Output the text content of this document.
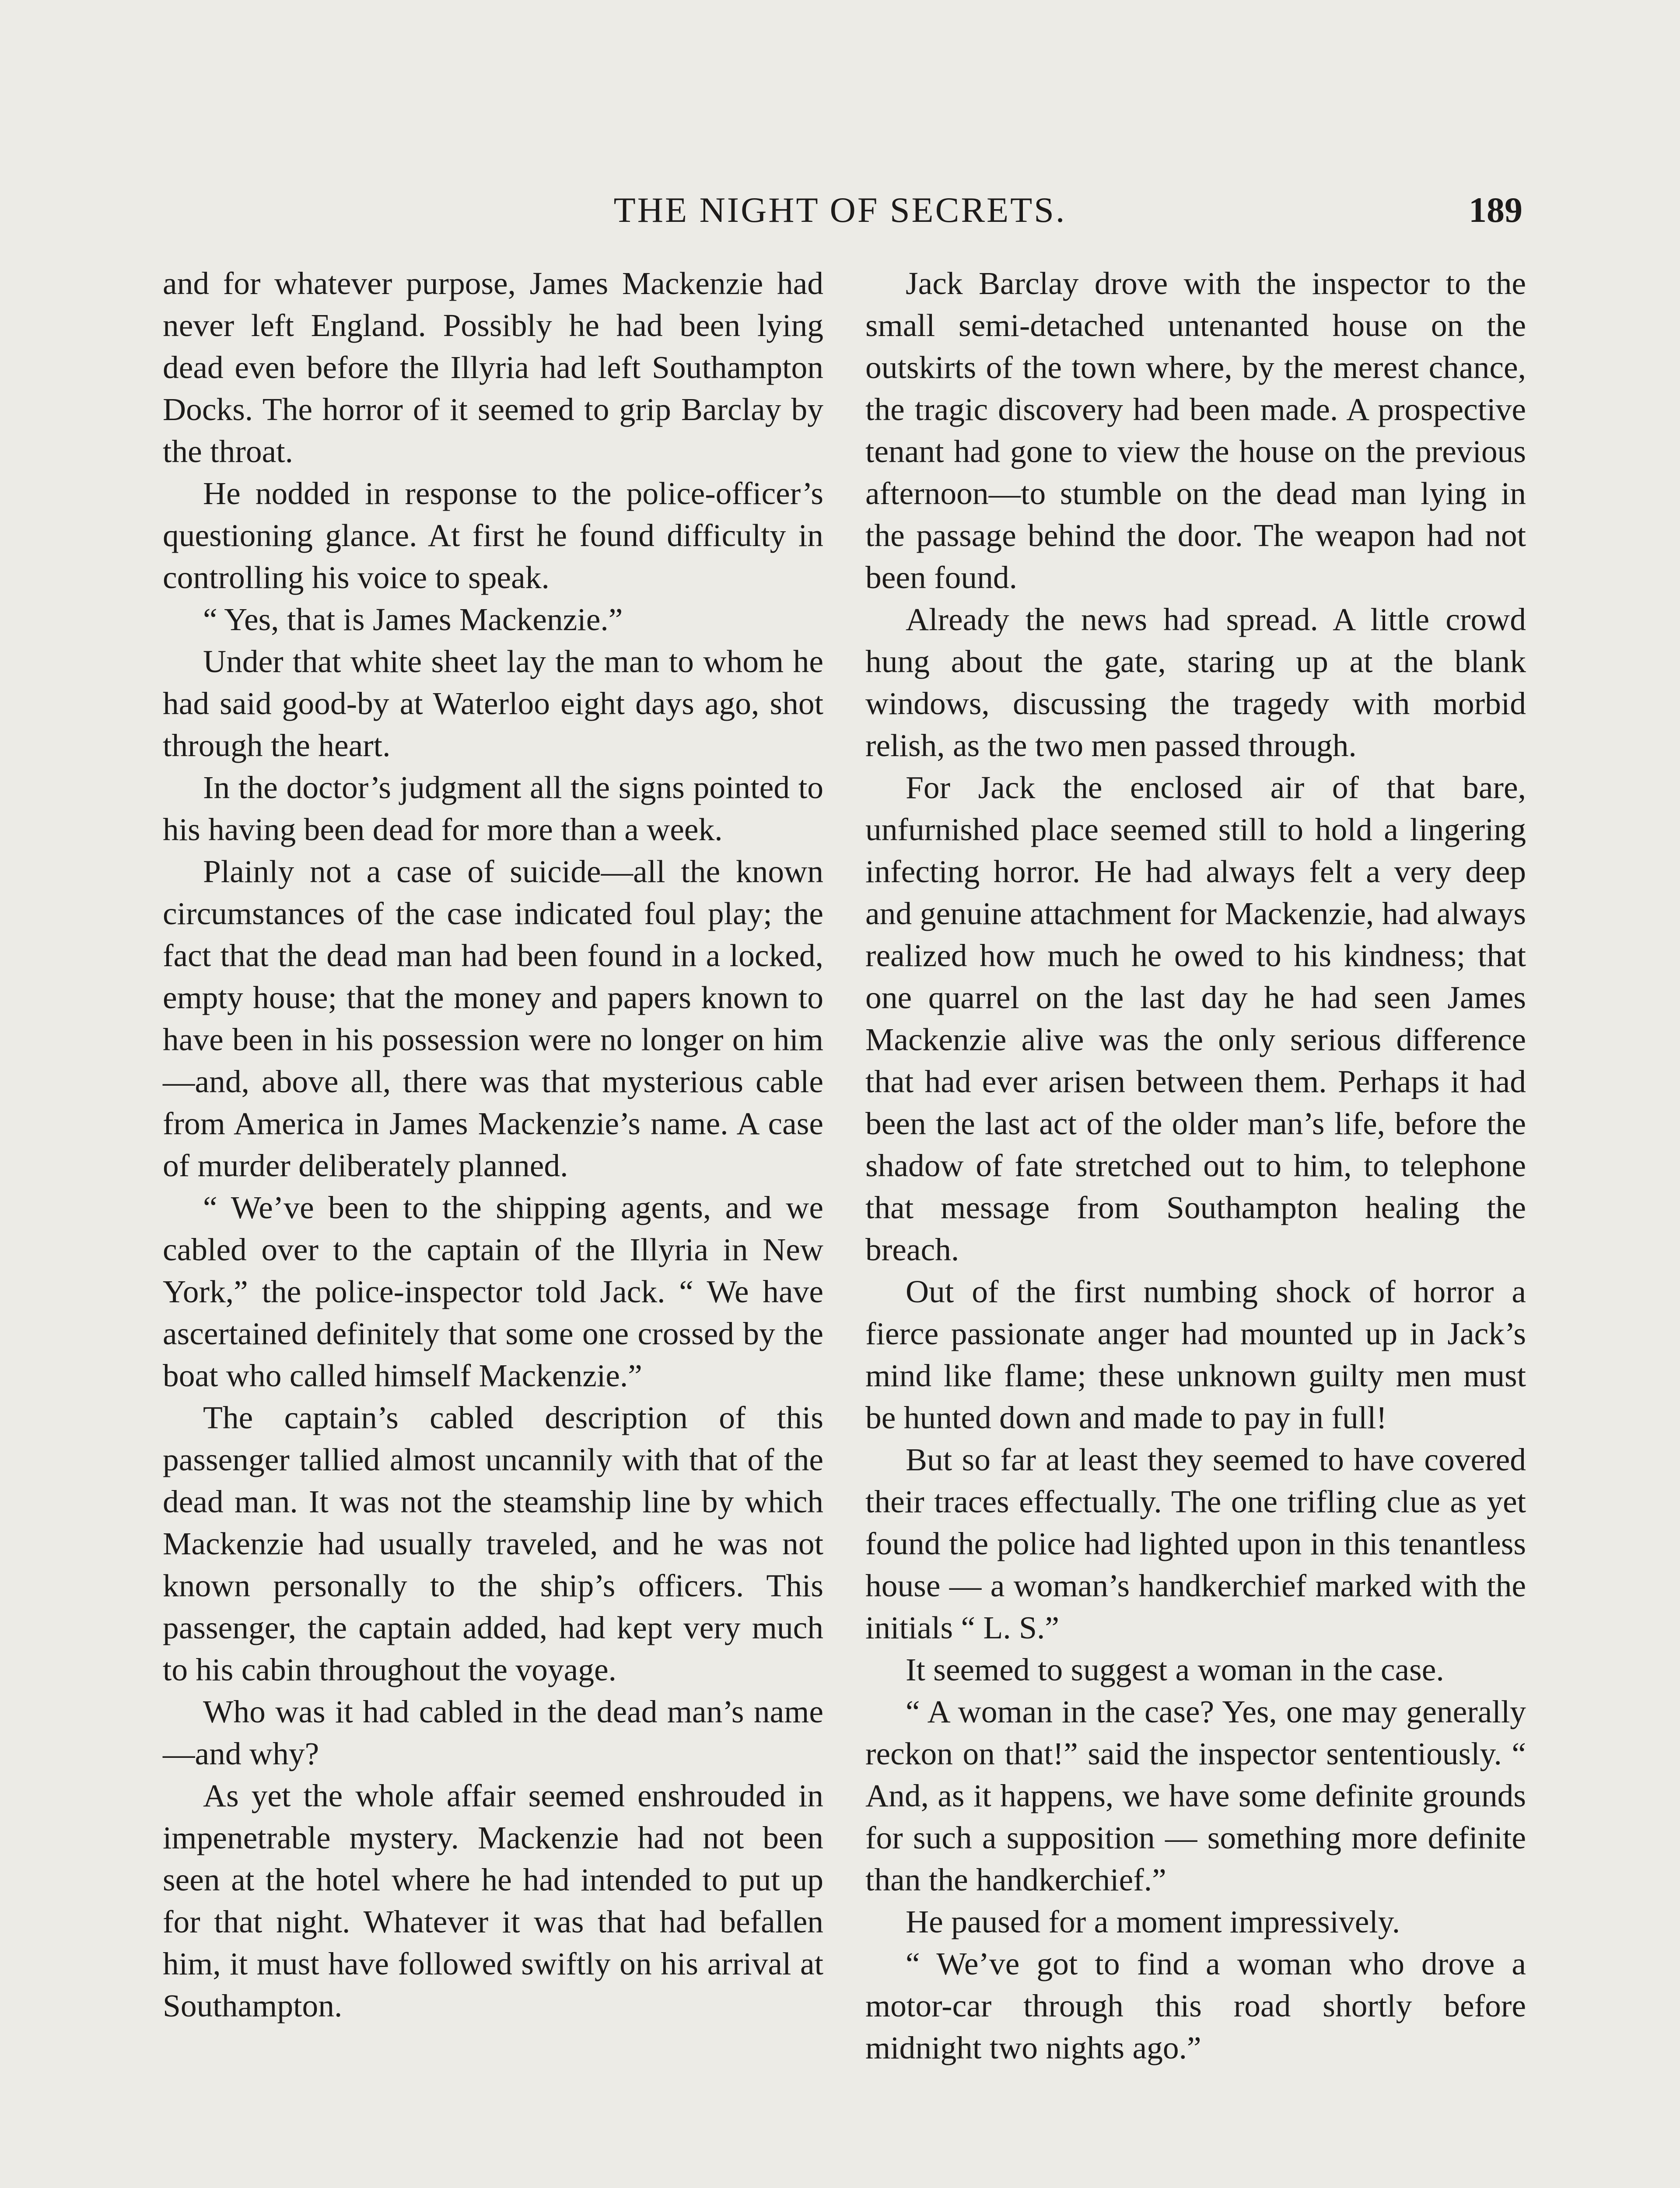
THE NIGHT OF SECRETS.	189

and for whatever purpose, James Mackenzie had never left England. Possibly he had been lying dead even before the Illyria had left Southampton Docks. The horror of it seemed to grip Barclay by the throat.

He nodded in response to the police-officer’s questioning glance. At first he found difficulty in controlling his voice to speak.

“ Yes, that is James Mackenzie.”

Under that white sheet lay the man to whom he had said good-by at Waterloo eight days ago, shot through the heart.

In the doctor’s judgment all the signs pointed to his having been dead for more than a week.

Plainly not a case of suicide—all the known circumstances of the case indicated foul play; the fact that the dead man had been found in a locked, empty house; that the money and papers known to have been in his possession were no longer on him—and, above all, there was that mysterious cable from America in James Mackenzie’s name. A case of murder deliberately planned.

“ We’ve been to the shipping agents, and we cabled over to the captain of the Illyria in New York,” the police-inspector told Jack. “ We have ascertained definitely that some one crossed by the boat who called himself Mackenzie.”

The captain’s cabled description of this passenger tallied almost uncannily with that of the dead man. It was not the steamship line by which Mackenzie had usually traveled, and he was not known personally to the ship’s officers. This passenger, the captain added, had kept very much to his cabin throughout the voyage.

Who was it had cabled in the dead man’s name—and why?

As yet the whole affair seemed enshrouded in impenetrable mystery. Mackenzie had not been seen at the hotel where he had intended to put up for that night. Whatever it was that had befallen him, it must have followed swiftly on his arrival at Southampton.

Jack Barclay drove with the inspector to the small semi-detached untenanted house on the outskirts of the town where, by the merest chance, the tragic discovery had been made. A prospective tenant had gone to view the house on the previous afternoon—to stumble on the dead man lying in the passage behind the door. The weapon had not been found.

Already the news had spread. A little crowd hung about the gate, staring up at the blank windows, discussing the tragedy with morbid relish, as the two men passed through.

For Jack the enclosed air of that bare, unfurnished place seemed still to hold a lingering infecting horror. He had always felt a very deep and genuine attachment for Mackenzie, had always realized how much he owed to his kindness; that one quarrel on the last day he had seen James Mackenzie alive was the only serious difference that had ever arisen between them. Perhaps it had been the last act of the older man’s life, before the shadow of fate stretched out to him, to telephone that message from Southampton healing the breach.

Out of the first numbing shock of horror a fierce passionate anger had mounted up in Jack’s mind like flame; these unknown guilty men must be hunted down and made to pay in full!

But so far at least they seemed to have covered their traces effectually. The one trifling clue as yet found the police had lighted upon in this tenantless house — a woman’s handkerchief marked with the initials “ L. S.”

It seemed to suggest a woman in the case.

“ A woman in the case? Yes, one may generally reckon on that!” said the inspector sententiously. “ And, as it happens, we have some definite grounds for such a supposition — something more definite than the handkerchief.”

He paused for a moment impressively.

“ We’ve got to find a woman who drove a motor-car through this road shortly before midnight two nights ago.”
